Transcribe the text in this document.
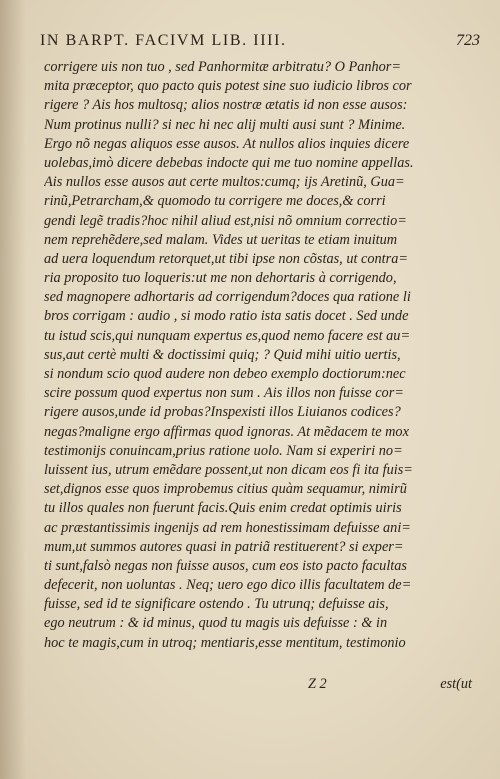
IN BARPT. FACIVM LIB. IIII.	723
corrigere uis non tuo , sed Panhormitæ arbitratu? O Panhor=
mita præceptor, quo pacto quis potest sine suo iudicio libros cor
rigere ? Ais hos multosq; alios nostræ ætatis id non esse ausos:
Num protinus nulli? si nec hi nec alij multi ausi sunt ? Minime.
Ergo nõ negas aliquos esse ausos. At nullos alios inquies dicere
uolebas,imò dicere debebas indocte qui me tuo nomine appellas.
Ais nullos esse ausos aut certe multos:cumq; ijs Aretinũ, Gua=
rinũ,Petrarcham,& quomodo tu corrigere me doces,& corri
gendi legẽ tradis?hoc nihil aliud est,nisi nõ omnium correctio=
nem reprehẽdere,sed malam. Vides ut ueritas te etiam inuitum
ad uera loquendum retorquet,ut tibi ipse non cõstas, ut contra=
ria proposito tuo loqueris:ut me non dehortaris à corrigendo,
sed magnopere adhortaris ad corrigendum?doces qua ratione li
bros corrigam : audio , si modo ratio ista satis docet . Sed unde
tu istud scis,qui nunquam expertus es,quod nemo facere est au=
sus,aut certè multi & doctissimi quiq; ? Quid mihi uitio uertis,
si nondum scio quod audere non debeo exemplo doctiorum:nec
scire possum quod expertus non sum . Ais illos non fuisse cor=
rigere ausos,unde id probas?Inspexisti illos Liuianos codices?
negas?maligne ergo affirmas quod ignoras. At mẽdacem te mox
testimonijs conuincam,prius ratione uolo. Nam si experiri no=
luissent ius, utrum emẽdare possent,ut non dicam eos fi ita fuis=
set,dignos esse quos improbemus citius quàm sequamur, nimirũ
tu illos quales non fuerunt facis.Quis enim credat optimis uiris
ac præstantissimis ingenijs ad rem honestissimam defuisse ani=
mum,ut summos autores quasi in patriã restituerent? si exper=
ti sunt,falsò negas non fuisse ausos, cum eos isto pacto facultas
defecerit, non uoluntas . Neq; uero ego dico illis facultatem de=
fuisse, sed id te significare ostendo . Tu utrunq; defuisse ais,
ego neutrum : & id minus, quod tu magis uis defuisse : & in
hoc te magis,cum in utroq; mentiaris,esse mentitum, testimonio
Z 2	est(ut
